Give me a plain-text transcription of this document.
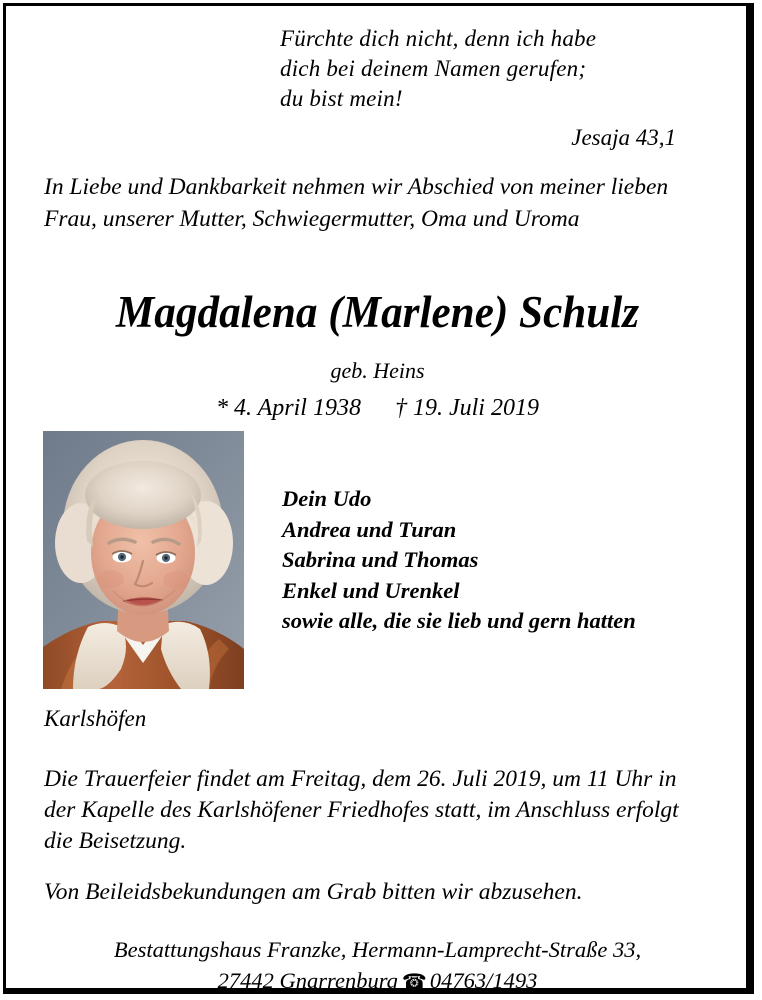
Fürchte dich nicht, denn ich habe
dich bei deinem Namen gerufen;
du bist mein!
Jesaja 43,1
In Liebe und Dankbarkeit nehmen wir Abschied von meiner lieben Frau, unserer Mutter, Schwiegermutter, Oma und Uroma
Magdalena (Marlene) Schulz
geb. Heins
* 4. April 1938 † 19. Juli 2019
Dein Udo
Andrea und Turan
Sabrina und Thomas
Enkel und Urenkel
sowie alle, die sie lieb und gern hatten
Karlshöfen
Die Trauerfeier findet am Freitag, dem 26. Juli 2019, um 11 Uhr in der Kapelle des Karlshöfener Friedhofes statt, im Anschluss erfolgt die Beisetzung.
Von Beileidsbekundungen am Grab bitten wir abzusehen.
Bestattungshaus Franzke, Hermann-Lamprecht-Straße 33,
27442 Gnarrenburg ☎ 04763/1493
